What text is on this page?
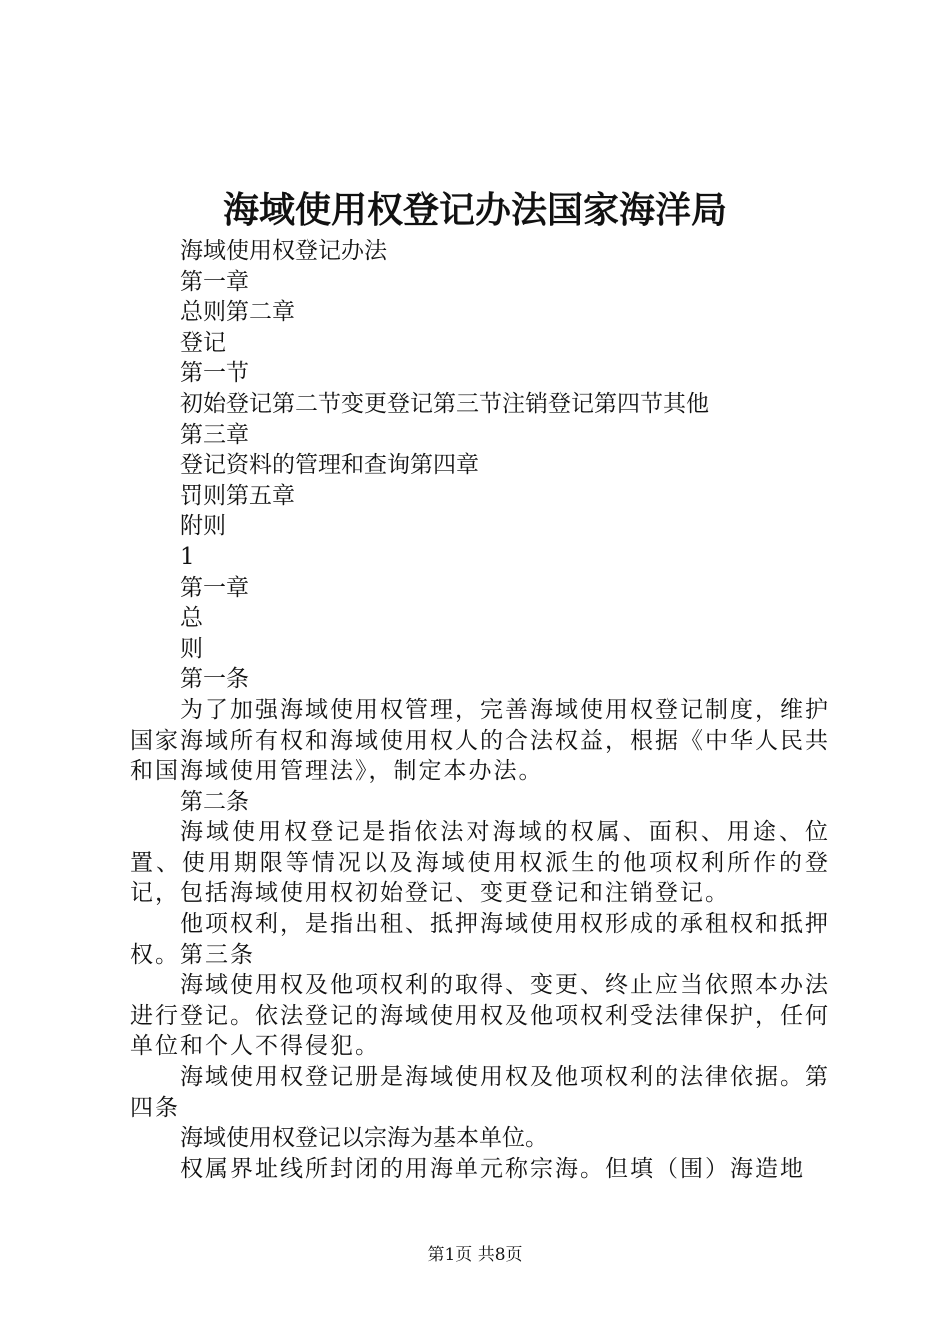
海域使用权登记办法国家海洋局
海域使用权登记办法
第一章
总则第二章
登记
第一节
初始登记第二节变更登记第三节注销登记第四节其他
第三章
登记资料的管理和查询第四章
罚则第五章
附则
1
第一章
总
则
第一条

为了加强海域使用权管理，完善海域使用权登记制度，维护国家海域所有权和海域使用权人的合法权益，根据《中华人民共和国海域使用管理法》，制定本办法。

第二条

海域使用权登记是指依法对海域的权属、面积、用途、位置、使用期限等情况以及海域使用权派生的他项权利所作的登记，包括海域使用权初始登记、变更登记和注销登记。

他项权利，是指出租、抵押海域使用权形成的承租权和抵押权。第三条

海域使用权及他项权利的取得、变更、终止应当依照本办法进行登记。依法登记的海域使用权及他项权利受法律保护，任何单位和个人不得侵犯。

海域使用权登记册是海域使用权及他项权利的法律依据。第四条

海域使用权登记以宗海为基本单位。

权属界址线所封闭的用海单元称宗海。但填（围）海造地

第1页 共8页
